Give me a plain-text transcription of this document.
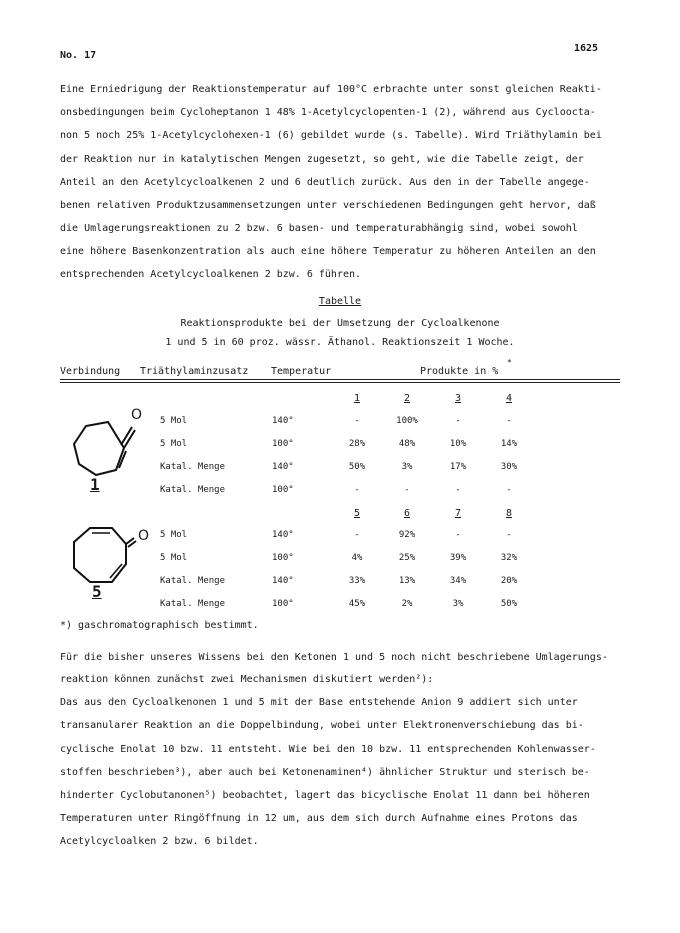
No. 17
1625
Eine Erniedrigung der Reaktionstemperatur auf 100°C erbrachte unter sonst gleichen Reakti-
onsbedingungen beim Cycloheptanon 1 48% 1-Acetylcyclopenten-1 (2), während aus Cycloocta-
non 5 noch 25% 1-Acetylcyclohexen-1 (6) gebildet wurde (s. Tabelle). Wird Triäthylamin bei
der Reaktion nur in katalytischen Mengen zugesetzt, so geht, wie die Tabelle zeigt, der
Anteil an den Acetylcycloalkenen 2 und 6 deutlich zurück. Aus den in der Tabelle angege-
benen relativen Produktzusammensetzungen unter verschiedenen Bedingungen geht hervor, daß
die Umlagerungsreaktionen zu 2 bzw. 6 basen- und temperaturabhängig sind, wobei sowohl
eine höhere Basenkonzentration als auch eine höhere Temperatur zu höheren Anteilen an den
entsprechenden Acetylcycloalkenen 2 bzw. 6 führen.
Tabelle
Reaktionsprodukte bei der Umsetzung der Cycloalkenone
1 und 5 in 60 proz. wässr. Äthanol. Reaktionszeit 1 Woche.
Verbindung Triäthylaminzusatz Temperatur	Produkte in %
*
1	2	3	4
O
1
5 Mol	140°	-	100%	-	-
5 Mol	100°	28%	48%	10%	14%
Katal. Menge	140°	50%	3%	17%	30%
Katal. Menge	100°	-	-	-	-
5	6	7	8
O
5
5 Mol	140°	-	92%	-	-
5 Mol	100°	4%	25%	39%	32%
Katal. Menge	140°	33%	13%	34%	20%
Katal. Menge	100°	45%	2%	3%	50%
*) gaschromatographisch bestimmt.
Für die bisher unseres Wissens bei den Ketonen 1 und 5 noch nicht beschriebene Umlagerungs-
reaktion können zunächst zwei Mechanismen diskutiert werden²):
Das aus den Cycloalkenonen 1 und 5 mit der Base entstehende Anion 9 addiert sich unter
transanularer Reaktion an die Doppelbindung, wobei unter Elektronenverschiebung das bi-
cyclische Enolat 10 bzw. 11 entsteht. Wie bei den 10 bzw. 11 entsprechenden Kohlenwasser-
stoffen beschrieben³), aber auch bei Ketonenaminen⁴) ähnlicher Struktur und sterisch be-
hinderter Cyclobutanonen⁵) beobachtet, lagert das bicyclische Enolat 11 dann bei höheren
Temperaturen unter Ringöffnung in 12 um, aus dem sich durch Aufnahme eines Protons das
Acetylcycloalken 2 bzw. 6 bildet.
